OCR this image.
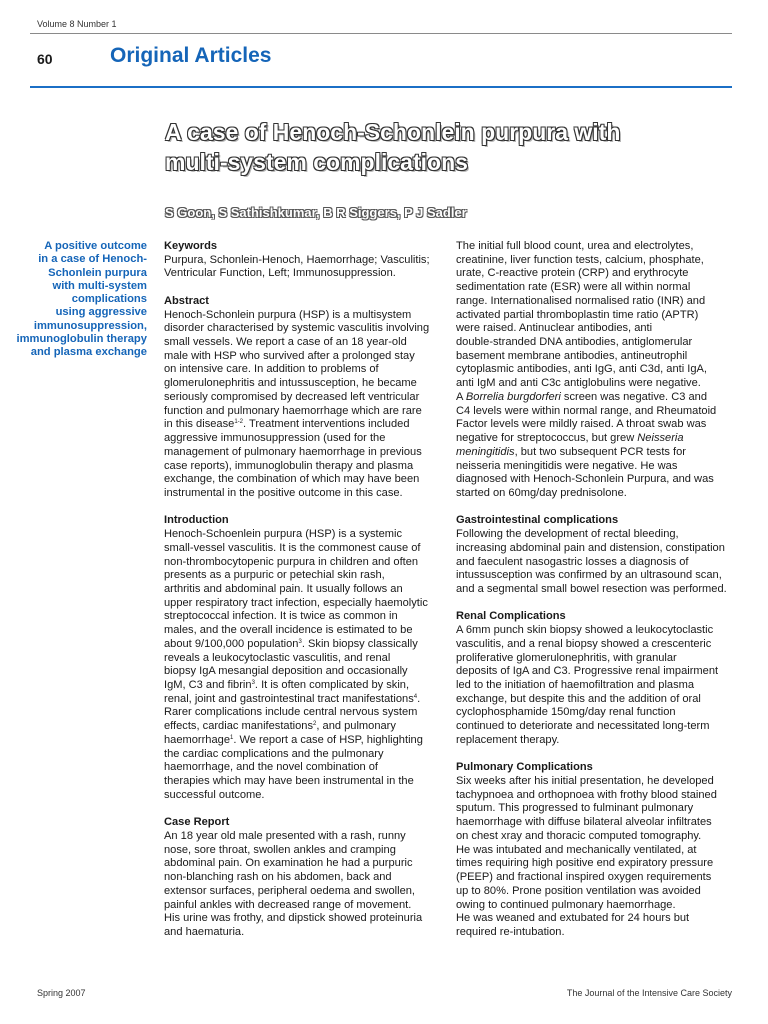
Volume 8 Number 1
60	Original Articles
A case of Henoch-Schonlein purpura with
multi-system complications
S Goon, S Sathishkumar, B R Siggers, P J Sadler
A positive outcome
in a case of Henoch-
Schonlein purpura
with multi-system
complications
using aggressive
immunosuppression,
immunoglobulin therapy
and plasma exchange
Keywords
Purpura, Schonlein-Henoch, Haemorrhage; Vasculitis;
Ventricular Function, Left; Immunosuppression.
Abstract
Henoch-Schonlein purpura (HSP) is a multisystem
disorder characterised by systemic vasculitis involving
small vessels. We report a case of an 18 year-old
male with HSP who survived after a prolonged stay
on intensive care. In addition to problems of
glomerulonephritis and intussusception, he became
seriously compromised by decreased left ventricular
function and pulmonary haemorrhage which are rare
in this disease$^{1-2}$. Treatment interventions included
aggressive immunosuppression (used for the
management of pulmonary haemorrhage in previous
case reports), immunoglobulin therapy and plasma
exchange, the combination of which may have been
instrumental in the positive outcome in this case.
Introduction
Henoch-Schoenlein purpura (HSP) is a systemic
small-vessel vasculitis. It is the commonest cause of
non-thrombocytopenic purpura in children and often
presents as a purpuric or petechial skin rash,
arthritis and abdominal pain. It usually follows an
upper respiratory tract infection, especially haemolytic
streptococcal infection. It is twice as common in
males, and the overall incidence is estimated to be
about 9/100,000 population$^3$. Skin biopsy classically
reveals a leukocytoclastic vasculitis, and renal
biopsy IgA mesangial deposition and occasionally
IgM, C3 and fibrin$^3$. It is often complicated by skin,
renal, joint and gastrointestinal tract manifestations$^4$.
Rarer complications include central nervous system
effects, cardiac manifestations$^2$, and pulmonary
haemorrhage$^1$. We report a case of HSP, highlighting
the cardiac complications and the pulmonary
haemorrhage, and the novel combination of
therapies which may have been instrumental in the
successful outcome.
Case Report
An 18 year old male presented with a rash, runny
nose, sore throat, swollen ankles and cramping
abdominal pain. On examination he had a purpuric
non-blanching rash on his abdomen, back and
extensor surfaces, peripheral oedema and swollen,
painful ankles with decreased range of movement.
His urine was frothy, and dipstick showed proteinuria
and haematuria.
The initial full blood count, urea and electrolytes,
creatinine, liver function tests, calcium, phosphate,
urate, C-reactive protein (CRP) and erythrocyte
sedimentation rate (ESR) were all within normal
range. Internationalised normalised ratio (INR) and
activated partial thromboplastin time ratio (APTR)
were raised. Antinuclear antibodies, anti
double-stranded DNA antibodies, antiglomerular
basement membrane antibodies, antineutrophil
cytoplasmic antibodies, anti IgG, anti C3d, anti IgA,
anti IgM and anti C3c antiglobulins were negative.
A Borrelia burgdorferi screen was negative. C3 and
C4 levels were within normal range, and Rheumatoid
Factor levels were mildly raised. A throat swab was
negative for streptococcus, but grew Neisseria
meningitidis, but two subsequent PCR tests for
neisseria meningitidis were negative. He was
diagnosed with Henoch-Schonlein Purpura, and was
started on 60mg/day prednisolone.
Gastrointestinal complications
Following the development of rectal bleeding,
increasing abdominal pain and distension, constipation
and faeculent nasogastric losses a diagnosis of
intussusception was confirmed by an ultrasound scan,
and a segmental small bowel resection was performed.
Renal Complications
A 6mm punch skin biopsy showed a leukocytoclastic
vasculitis, and a renal biopsy showed a crescenteric
proliferative glomerulonephritis, with granular
deposits of IgA and C3. Progressive renal impairment
led to the initiation of haemofiltration and plasma
exchange, but despite this and the addition of oral
cyclophosphamide 150mg/day renal function
continued to deteriorate and necessitated long-term
replacement therapy.
Pulmonary Complications
Six weeks after his initial presentation, he developed
tachypnoea and orthopnoea with frothy blood stained
sputum. This progressed to fulminant pulmonary
haemorrhage with diffuse bilateral alveolar infiltrates
on chest xray and thoracic computed tomography.
He was intubated and mechanically ventilated, at
times requiring high positive end expiratory pressure
(PEEP) and fractional inspired oxygen requirements
up to 80%. Prone position ventilation was avoided
owing to continued pulmonary haemorrhage.
He was weaned and extubated for 24 hours but
required re-intubation.
Spring 2007	The Journal of the Intensive Care Society
